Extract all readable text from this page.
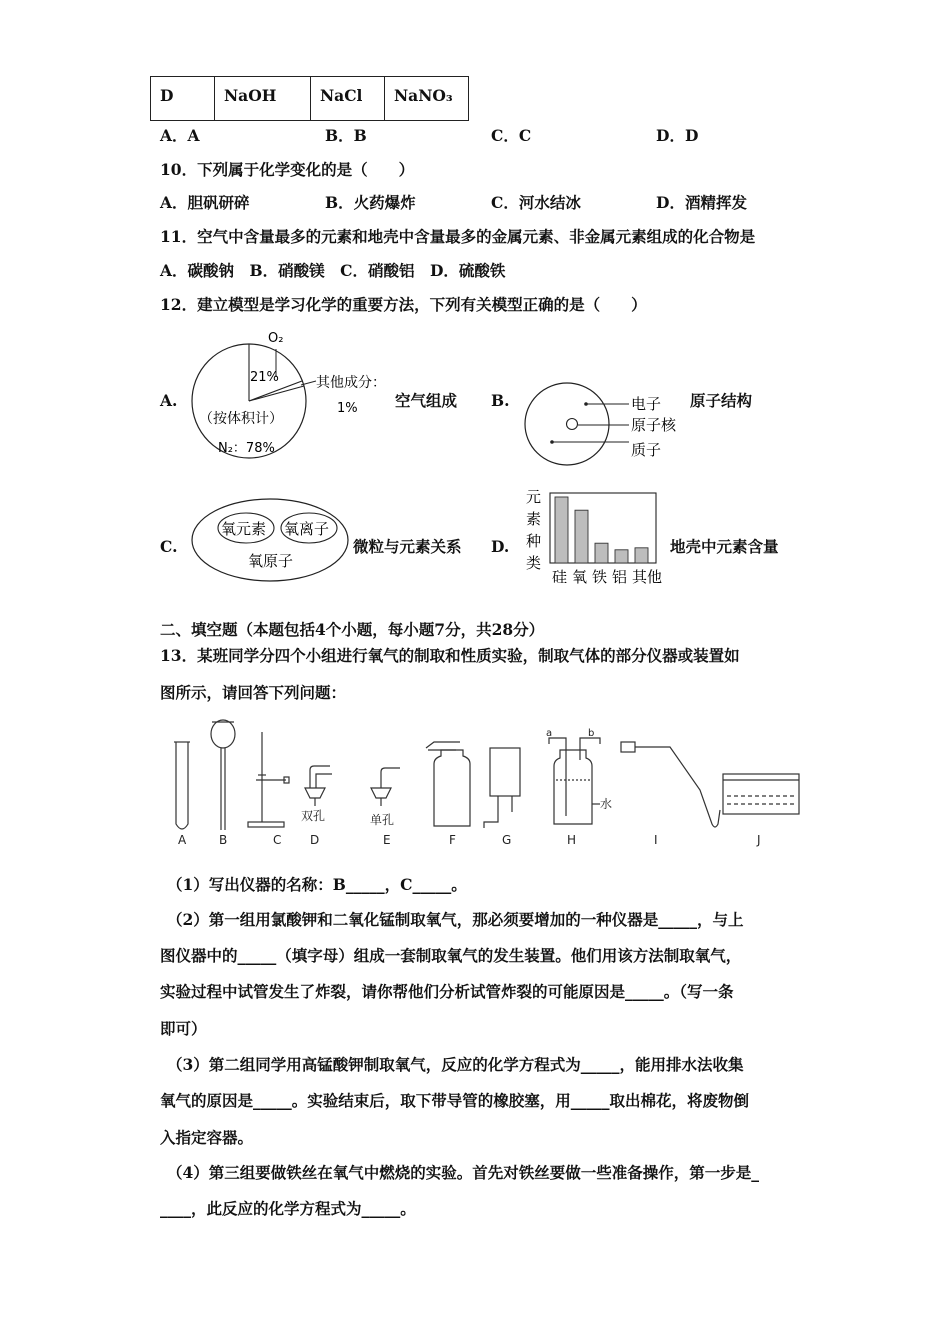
D	NaOH	NaCl	NaNO₃
A．A	B．B	C．C	D．D
10．下列属于化学变化的是（　　）
A．胆矾研碎	B．火药爆炸	C．河水结冰	D．酒精挥发
11．空气中含量最多的元素和地壳中含量最多的金属元素、非金属元素组成的化合物是
A．碳酸钠　B．硝酸镁　C．硝酸铝　D．硫酸铁
12．建立模型是学习化学的重要方法，下列有关模型正确的是（　　）
A.
O₂
21%	其他成分：
1%
（按体积计）
N₂：78%
空气组成 B.	电子
原子核
质子
原子结构
C.
氧元素 氧离子
氧原子
微粒与元素关系 D.
元
素
种
类
硅 氧 铁 铝 其他
地壳中元素含量
二、填空题（本题包括4个小题，每小题7分，共28分）
13．某班同学分四个小组进行氧气的制取和性质实验，制取气体的部分仪器或装置如
图所示，请回答下列问题：
A	B	C D	E	F	G	H	I	J
双孔	单孔
水
a	b
（1）写出仪器的名称：B_____，C_____。
（2）第一组用氯酸钾和二氧化锰制取氧气，那必须要增加的一种仪器是_____，与上
图仪器中的_____（填字母）组成一套制取氧气的发生装置。他们用该方法制取氧气，
实验过程中试管发生了炸裂，请你帮他们分析试管炸裂的可能原因是_____。（写一条
即可）
（3）第二组同学用高锰酸钾制取氧气，反应的化学方程式为_____，能用排水法收集
氧气的原因是_____。实验结束后，取下带导管的橡胶塞，用_____取出棉花，将废物倒
入指定容器。
（4）第三组要做铁丝在氧气中燃烧的实验。首先对铁丝要做一些准备操作，第一步是_
____，此反应的化学方程式为_____。
